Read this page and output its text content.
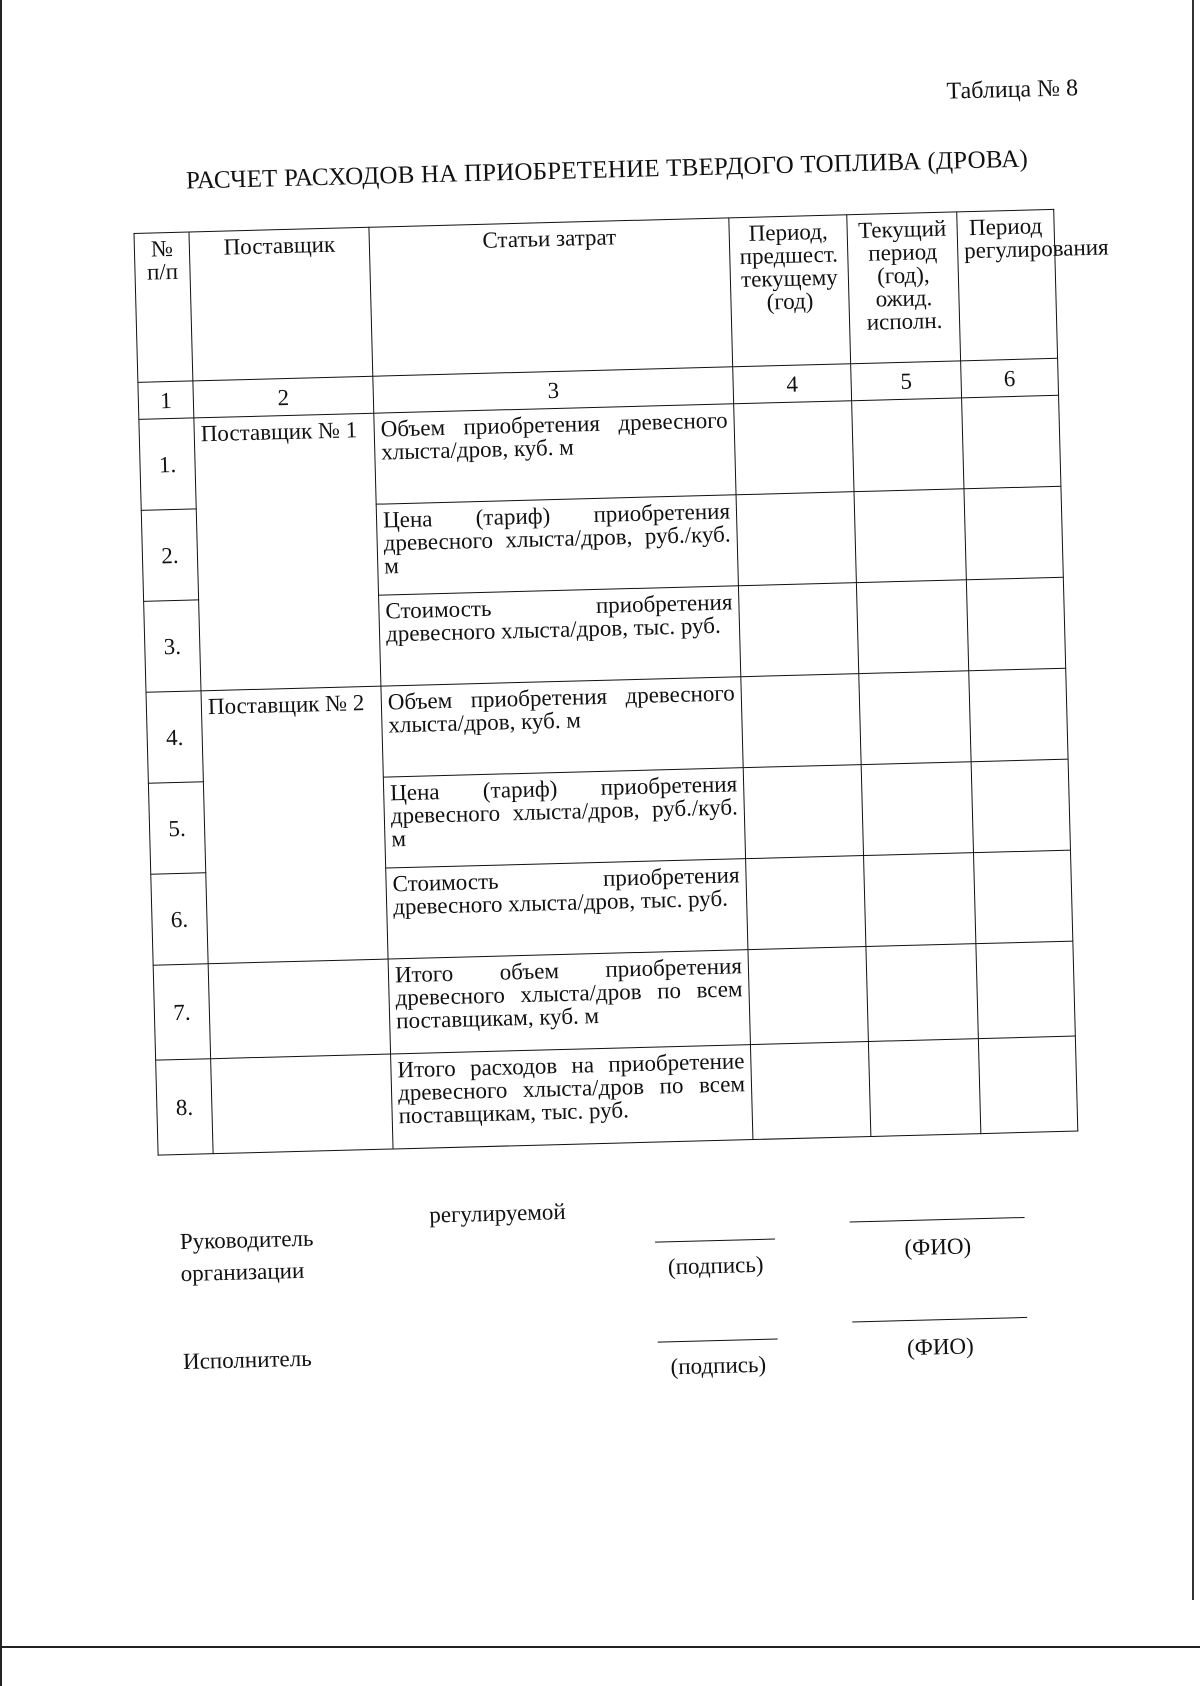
Таблица № 8
РАСЧЕТ РАСХОДОВ НА ПРИОБРЕТЕНИЕ ТВЕРДОГО ТОПЛИВА (ДРОВА)
№ п/п	Поставщик	Статьи затрат	Период, предшест. текущему (год)	Текущий период (год), ожид. исполн.	Период регулирования
1	2	3	4	5	6
1.	Поставщик № 1	Объем приобретения древесного хлыста/дров, куб. м			
2.		Цена (тариф) приобретения древесного хлыста/дров, руб./куб. м			
3.		Стоимость приобретения древесного хлыста/дров, тыс. руб.			
4.	Поставщик № 2	Объем приобретения древесного хлыста/дров, куб. м			
5.		Цена (тариф) приобретения древесного хлыста/дров, руб./куб. м			
6.		Стоимость приобретения древесного хлыста/дров, тыс. руб.			
7.		Итого объем приобретения древесного хлыста/дров по всем поставщикам, куб. м			
8.		Итого расходов на приобретение древесного хлыста/дров по всем поставщикам, тыс. руб.			
Руководитель
регулируемой
организации	(подпись)
(ФИО)
Исполнитель	(подпись)
(ФИО)
